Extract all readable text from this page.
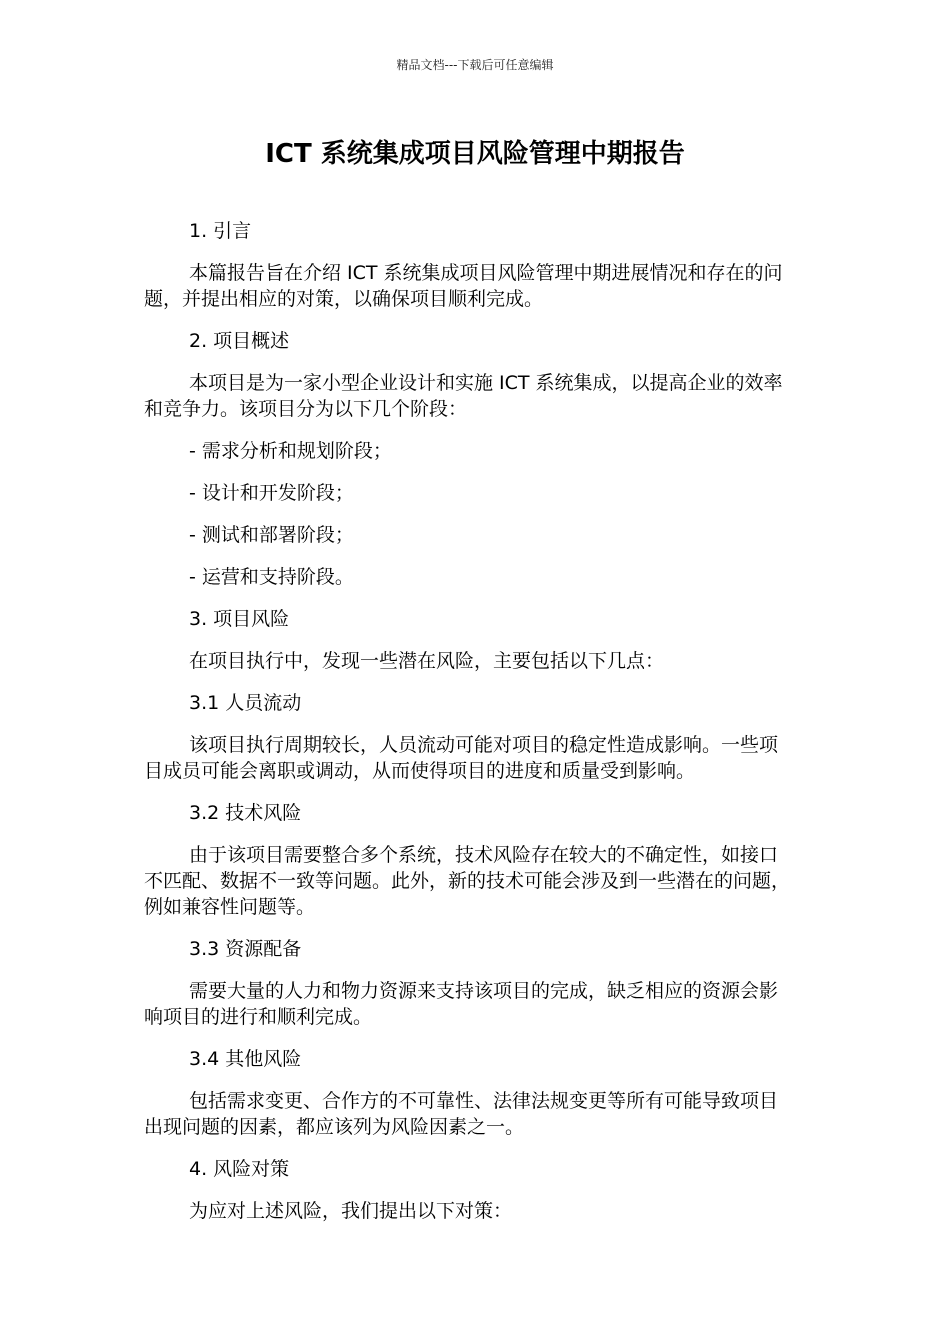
精品文档---下载后可任意编辑
ICT 系统集成项目风险管理中期报告

1. 引言

本篇报告旨在介绍 ICT 系统集成项目风险管理中期进展情况和存在的问题，并提出相应的对策，以确保项目顺利完成。

2. 项目概述

本项目是为一家小型企业设计和实施 ICT 系统集成，以提高企业的效率和竞争力。该项目分为以下几个阶段：

- 需求分析和规划阶段；

- 设计和开发阶段；

- 测试和部署阶段；

- 运营和支持阶段。

3. 项目风险

在项目执行中，发现一些潜在风险，主要包括以下几点：

3.1 人员流动

该项目执行周期较长，人员流动可能对项目的稳定性造成影响。一些项目成员可能会离职或调动，从而使得项目的进度和质量受到影响。

3.2 技术风险

由于该项目需要整合多个系统，技术风险存在较大的不确定性，如接口不匹配、数据不一致等问题。此外，新的技术可能会涉及到一些潜在的问题，例如兼容性问题等。

3.3 资源配备

需要大量的人力和物力资源来支持该项目的完成，缺乏相应的资源会影响项目的进行和顺利完成。

3.4 其他风险

包括需求变更、合作方的不可靠性、法律法规变更等所有可能导致项目出现问题的因素，都应该列为风险因素之一。

4. 风险对策

为应对上述风险，我们提出以下对策：
